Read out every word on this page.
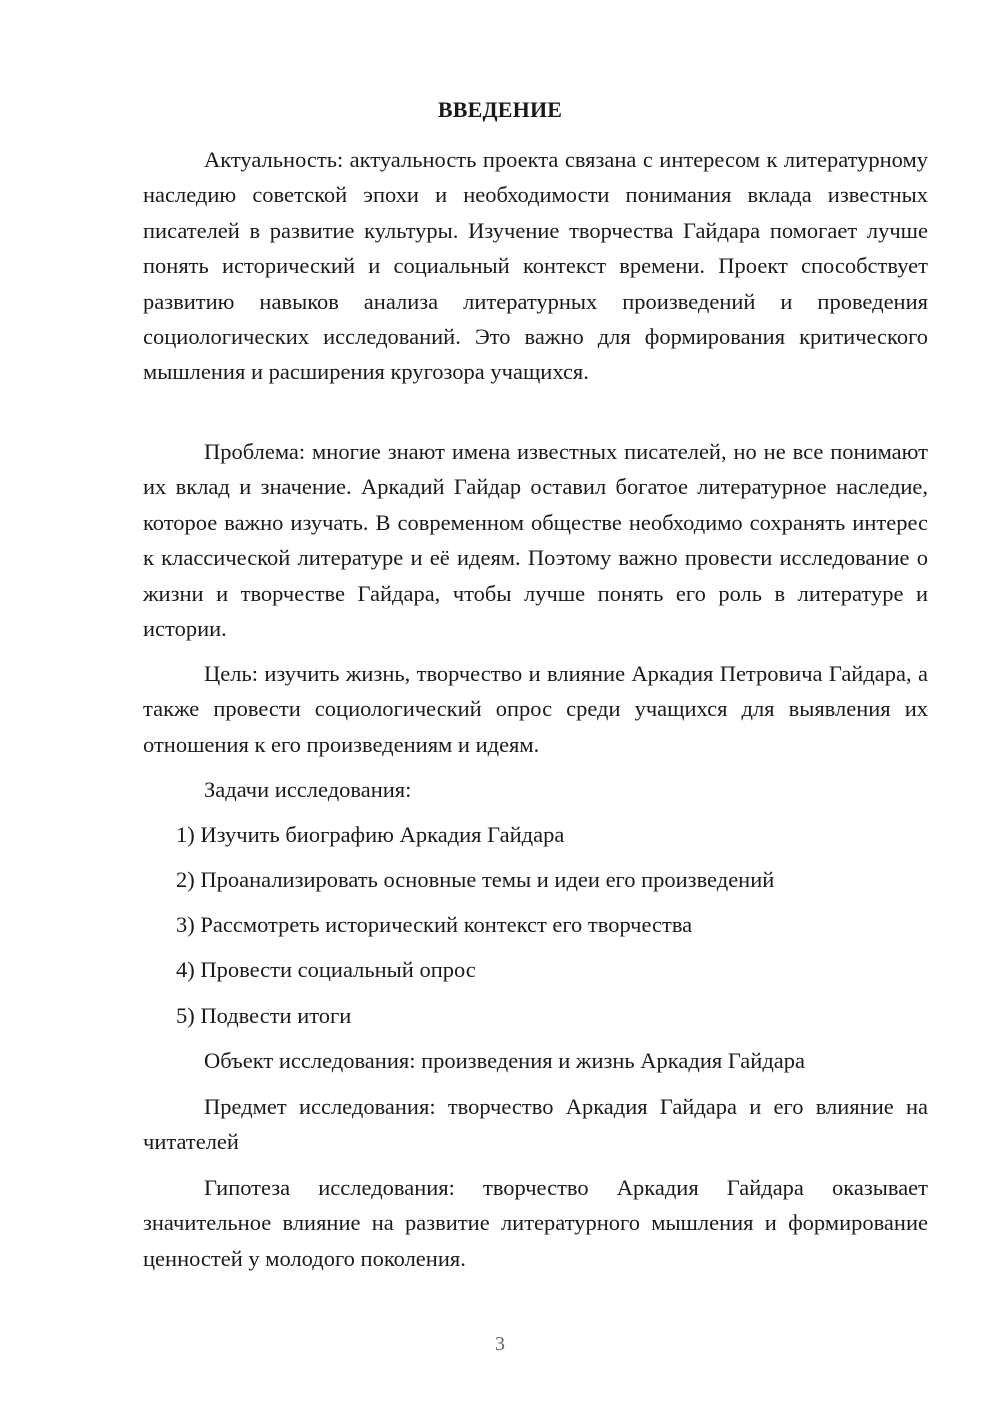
ВВЕДЕНИЕ

Актуальность: актуальность проекта связана с интересом к литературному наследию советской эпохи и необходимости понимания вклада известных писателей в развитие культуры. Изучение творчества Гайдара помогает лучше понять исторический и социальный контекст времени. Проект способствует развитию навыков анализа литературных произведений и проведения социологических исследований. Это важно для формирования критического мышления и расширения кругозора учащихся.

Проблема: многие знают имена известных писателей, но не все понимают их вклад и значение. Аркадий Гайдар оставил богатое литературное наследие, которое важно изучать. В современном обществе необходимо сохранять интерес к классической литературе и её идеям. Поэтому важно провести исследование о жизни и творчестве Гайдара, чтобы лучше понять его роль в литературе и истории.

Цель: изучить жизнь, творчество и влияние Аркадия Петровича Гайдара, а также провести социологический опрос среди учащихся для выявления их отношения к его произведениям и идеям.

Задачи исследования:

1) Изучить биографию Аркадия Гайдара

2) Проанализировать основные темы и идеи его произведений

3) Рассмотреть исторический контекст его творчества

4) Провести социальный опрос

5) Подвести итоги

Объект исследования: произведения и жизнь Аркадия Гайдара

Предмет исследования: творчество Аркадия Гайдара и его влияние на читателей

Гипотеза исследования: творчество Аркадия Гайдара оказывает значительное влияние на развитие литературного мышления и формирование ценностей у молодого поколения.

3
